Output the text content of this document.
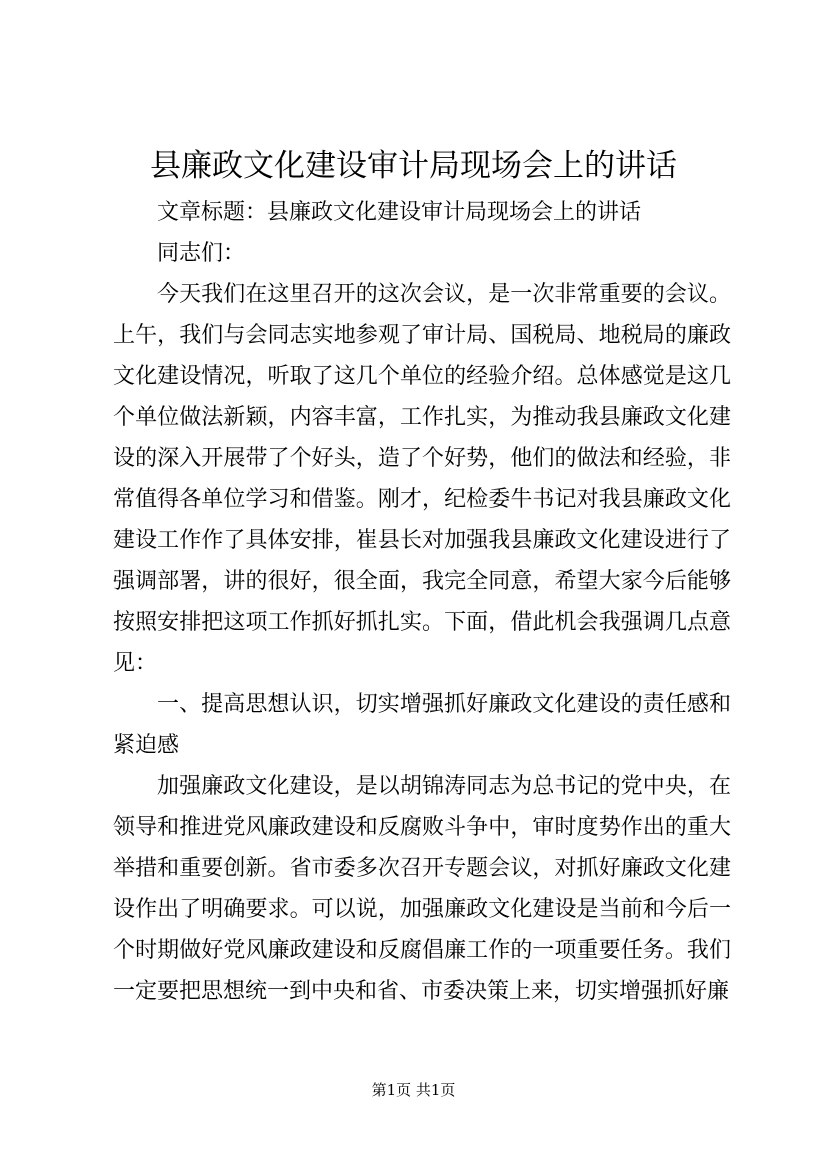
县廉政文化建设审计局现场会上的讲话

文章标题：县廉政文化建设审计局现场会上的讲话

同志们：

今天我们在这里召开的这次会议，是一次非常重要的会议。上午，我们与会同志实地参观了审计局、国税局、地税局的廉政文化建设情况，听取了这几个单位的经验介绍。总体感觉是这几个单位做法新颖，内容丰富，工作扎实，为推动我县廉政文化建设的深入开展带了个好头，造了个好势，他们的做法和经验，非常值得各单位学习和借鉴。刚才，纪检委牛书记对我县廉政文化建设工作作了具体安排，崔县长对加强我县廉政文化建设进行了强调部署，讲的很好，很全面，我完全同意，希望大家今后能够按照安排把这项工作抓好抓扎实。下面，借此机会我强调几点意见：

一、提高思想认识，切实增强抓好廉政文化建设的责任感和紧迫感

加强廉政文化建设，是以胡锦涛同志为总书记的党中央，在领导和推进党风廉政建设和反腐败斗争中，审时度势作出的重大举措和重要创新。省市委多次召开专题会议，对抓好廉政文化建设作出了明确要求。可以说，加强廉政文化建设是当前和今后一个时期做好党风廉政建设和反腐倡廉工作的一项重要任务。我们一定要把思想统一到中央和省、市委决策上来，切实增强抓好廉

第1页 共1页
